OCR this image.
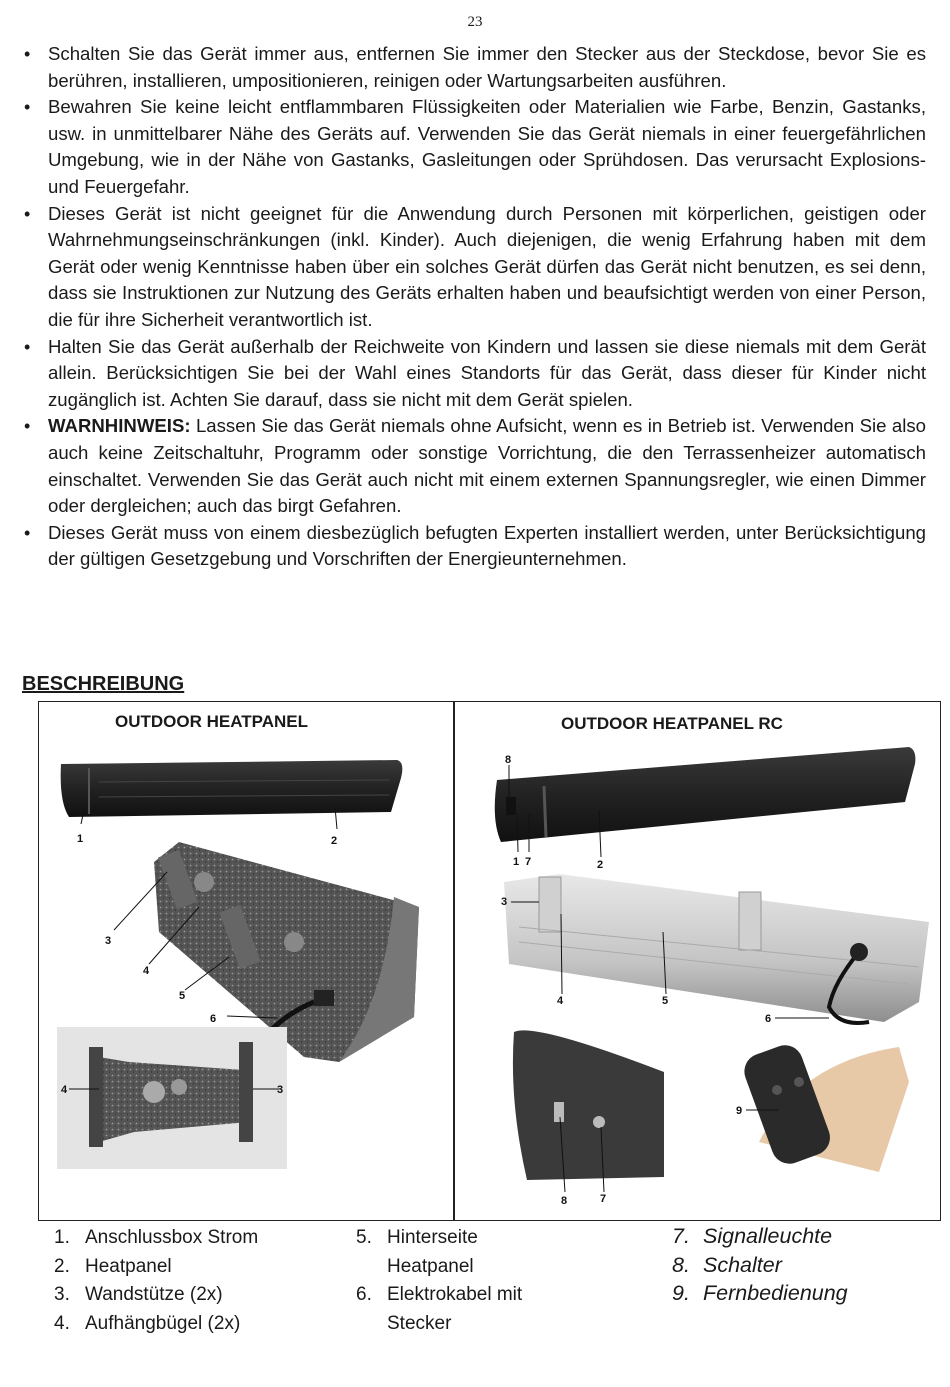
23
• Schalten Sie das Gerät immer aus, entfernen Sie immer den Stecker aus der Steckdose, bevor Sie es berühren, installieren, umpositionieren, reinigen oder Wartungsarbeiten ausführen.
• Bewahren Sie keine leicht entflammbaren Flüssigkeiten oder Materialien wie Farbe, Benzin, Gastanks, usw. in unmittelbarer Nähe des Geräts auf. Verwenden Sie das Gerät niemals in einer feuergefährlichen Umgebung, wie in der Nähe von Gastanks, Gasleitungen oder Sprühdosen. Das verursacht Explosions- und Feuergefahr.
• Dieses Gerät ist nicht geeignet für die Anwendung durch Personen mit körperlichen, geistigen oder Wahrnehmungseinschränkungen (inkl. Kinder). Auch diejenigen, die wenig Erfahrung haben mit dem Gerät oder wenig Kenntnisse haben über ein solches Gerät dürfen das Gerät nicht benutzen, es sei denn, dass sie Instruktionen zur Nutzung des Geräts erhalten haben und beaufsichtigt werden von einer Person, die für ihre Sicherheit verantwortlich ist.
• Halten Sie das Gerät außerhalb der Reichweite von Kindern und lassen sie diese niemals mit dem Gerät allein. Berücksichtigen Sie bei der Wahl eines Standorts für das Gerät, dass dieser für Kinder nicht zugänglich ist. Achten Sie darauf, dass sie nicht mit dem Gerät spielen.
• WARNHINWEIS: Lassen Sie das Gerät niemals ohne Aufsicht, wenn es in Betrieb ist. Verwenden Sie also auch keine Zeitschaltuhr, Programm oder sonstige Vorrichtung, die den Terrassenheizer automatisch einschaltet. Verwenden Sie das Gerät auch nicht mit einem externen Spannungsregler, wie einen Dimmer oder dergleichen; auch das birgt Gefahren.
• Dieses Gerät muss von einem diesbezüglich befugten Experten installiert werden, unter Berücksichtigung der gültigen Gesetzgebung und Vorschriften der Energieunternehmen.
BESCHREIBUNG
OUTDOOR HEATPANEL	OUTDOOR HEATPANEL RC
1	2
3
4
5
6
4	3
8
1 7	2
3
4	5
6
9
8	7
1. Anschlussbox Strom
2. Heatpanel
3. Wandstütze (2x)
4. Aufhängbügel (2x)
5. Hinterseite Heatpanel
6. Elektrokabel mit Stecker
7. Signalleuchte
8. Schalter
9. Fernbedienung
